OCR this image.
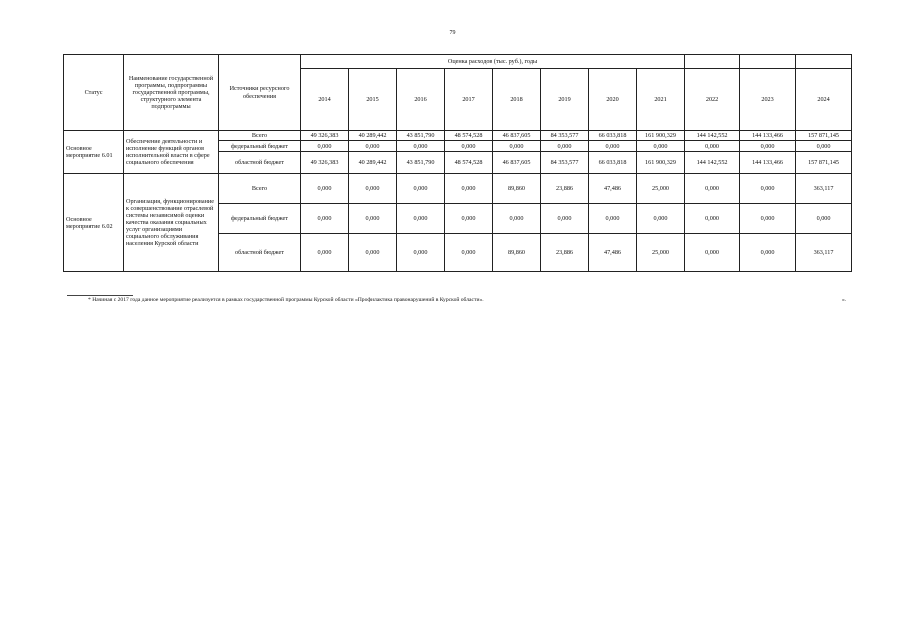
79
Статус	Наименование государственной программы, подпрограммы государственной программы, структурного элемента подпрограммы	Источники ресурсного обеспечения	Оценка расходов (тыс. руб.), годы										
			2014	2015	2016	2017	2018	2019	2020	2021	2022	2023	2024
Основное мероприятие 6.01	Обеспечение деятельности и исполнение функций органов исполнительной власти в сфере социального обеспечения	Всего	49 326,383	40 289,442	43 851,790	48 574,528	46 837,605	84 353,577	66 033,818	161 900,329	144 142,552	144 133,466	157 871,145
		федеральный бюджет	0,000	0,000	0,000	0,000	0,000	0,000	0,000	0,000	0,000	0,000	0,000
		областной бюджет	49 326,383	40 289,442	43 851,790	48 574,528	46 837,605	84 353,577	66 033,818	161 900,329	144 142,552	144 133,466	157 871,145
Основное мероприятие 6.02	Организация, функционирование к совершенствование отраслевой системы независимой оценки качества оказания социальных услуг организациями социального обслуживания населения Курской области	Всего	0,000	0,000	0,000	0,000	89,860	23,886	47,486	25,000	0,000	0,000	363,117
		федеральный бюджет	0,000	0,000	0,000	0,000	0,000	0,000	0,000	0,000	0,000	0,000	0,000
		областной бюджет	0,000	0,000	0,000	0,000	89,860	23,886	47,486	25,000	0,000	0,000	363,117
* Начиная с 2017 года данное мероприятие реализуется в рамках государственной программы Курской области «Профилактика правонарушений в Курской области».	».
